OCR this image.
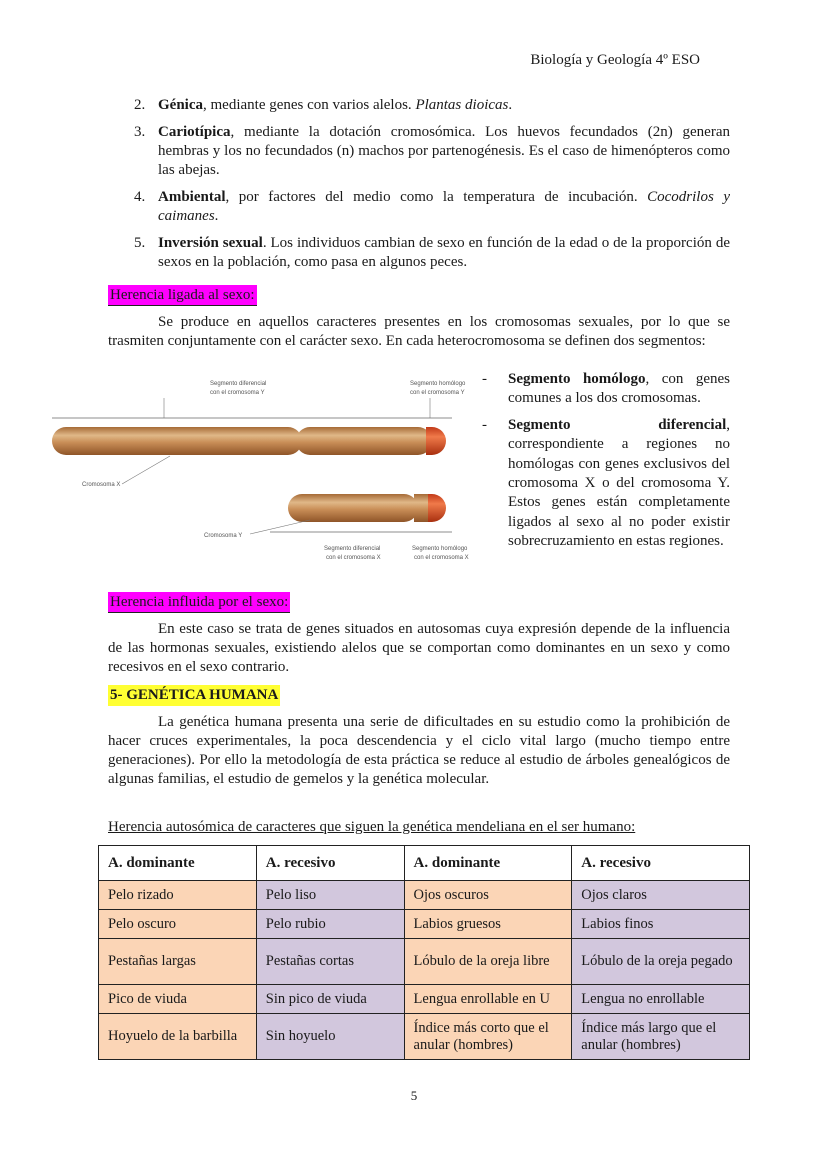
Biología y Geología 4º ESO
2. Génica, mediante genes con varios alelos. Plantas dioicas.
3. Cariotípica, mediante la dotación cromosómica. Los huevos fecundados (2n) generan hembras y los no fecundados (n) machos por partenogénesis. Es el caso de himenópteros como las abejas.
4. Ambiental, por factores del medio como la temperatura de incubación. Cocodrilos y caimanes.
5. Inversión sexual. Los individuos cambian de sexo en función de la edad o de la proporción de sexos en la población, como pasa en algunos peces.
Herencia ligada al sexo:
Se produce en aquellos caracteres presentes en los cromosomas sexuales, por lo que se trasmiten conjuntamente con el carácter sexo. En cada heterocromosoma se definen dos segmentos:
Segmento diferencial
con el cromosoma Y
Segmento homólogo
con el cromosoma Y
Cromosoma X
Cromosoma Y
Segmento diferencial
con el cromosoma X
Segmento homólogo
con el cromosoma X
- Segmento homólogo, con genes comunes a los dos cromosomas.
- Segmento diferencial, correspondiente a regiones no homólogas con genes exclusivos del cromosoma X o del cromosoma Y. Estos genes están completamente ligados al sexo al no poder existir sobrecruzamiento en estas regiones.
Herencia influida por el sexo:
En este caso se trata de genes situados en autosomas cuya expresión depende de la influencia de las hormonas sexuales, existiendo alelos que se comportan como dominantes en un sexo y como recesivos en el sexo contrario.
5- GENÉTICA HUMANA
La genética humana presenta una serie de dificultades en su estudio como la prohibición de hacer cruces experimentales, la poca descendencia y el ciclo vital largo (mucho tiempo entre generaciones). Por ello la metodología de esta práctica se reduce al estudio de árboles genealógicos de algunas familias, el estudio de gemelos y la genética molecular.
Herencia autosómica de caracteres que siguen la genética mendeliana en el ser humano:
A. dominante	A. recesivo	A. dominante	A. recesivo
Pelo rizado	Pelo liso	Ojos oscuros	Ojos claros
Pelo oscuro	Pelo rubio	Labios gruesos	Labios finos
Pestañas largas	Pestañas cortas	Lóbulo de la oreja libre	Lóbulo de la oreja pegado
Pico de viuda	Sin pico de viuda	Lengua enrollable en U	Lengua no enrollable
Hoyuelo de la barbilla	Sin hoyuelo	Índice más corto que el anular (hombres)	Índice más largo que el anular (hombres)
5
